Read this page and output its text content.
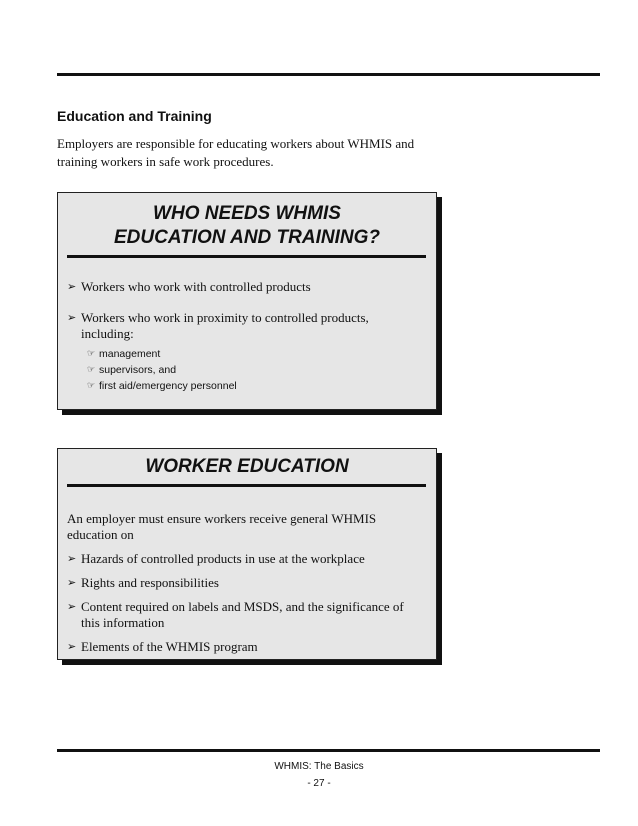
Education and Training
Employers are responsible for educating workers about WHMIS and training workers in safe work procedures.
WHO NEEDS WHMIS
EDUCATION AND TRAINING?
➢ Workers who work with controlled products
➢ Workers who work in proximity to controlled products, including:
☞ management
☞ supervisors, and
☞ first aid/emergency personnel
WORKER EDUCATION

An employer must ensure workers receive general WHMIS education on

➢ Hazards of controlled products in use at the workplace
➢ Rights and responsibilities
➢ Content required on labels and MSDS, and the significance of this information
➢ Elements of the WHMIS program
WHMIS: The Basics
- 27 -
